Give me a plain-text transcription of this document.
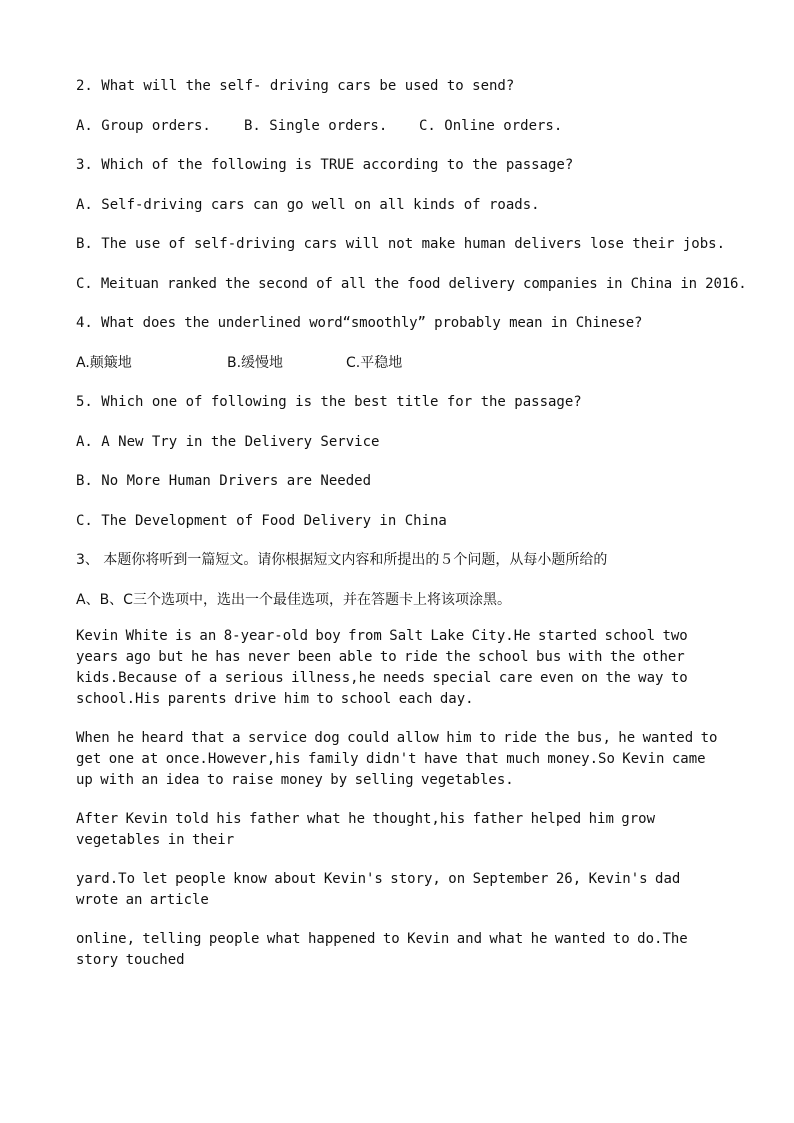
2. What will the self- driving cars be used to send?
A. Group orders. B. Single orders. C. Online orders.
3. Which of the following is TRUE according to the passage?
A. Self-driving cars can go well on all kinds of roads.
B. The use of self-driving cars will not make human delivers lose their jobs.
C. Meituan ranked the second of all the food delivery companies in China in 2016.
4. What does the underlined word“smoothly” probably mean in Chinese?
A.颠簸地	B.缓慢地	C.平稳地
5. Which one of following is the best title for the passage?
A. A New Try in the Delivery Service
B. No More Human Drivers are Needed
C. The Development of Food Delivery in China
3、 本题你将听到一篇短文。请你根据短文内容和所提出的５个问题，从每小题所给的
A、B、C三个选项中，选出一个最佳选项，并在答题卡上将该项涂黑。
Kevin White is an 8-year-old boy from Salt Lake City.He started school two years ago but he has never been able to ride the school bus with the other kids.Because of a serious illness,he needs special care even on the way to school.His parents drive him to school each day.
When he heard that a service dog could allow him to ride the bus, he wanted to get one at once.However,his family didn't have that much money.So Kevin came up with an idea to raise money by selling vegetables.
After Kevin told his father what he thought,his father helped him grow vegetables in their
yard.To let people know about Kevin's story, on September 26, Kevin's dad wrote an article
online, telling people what happened to Kevin and what he wanted to do.The story touched
